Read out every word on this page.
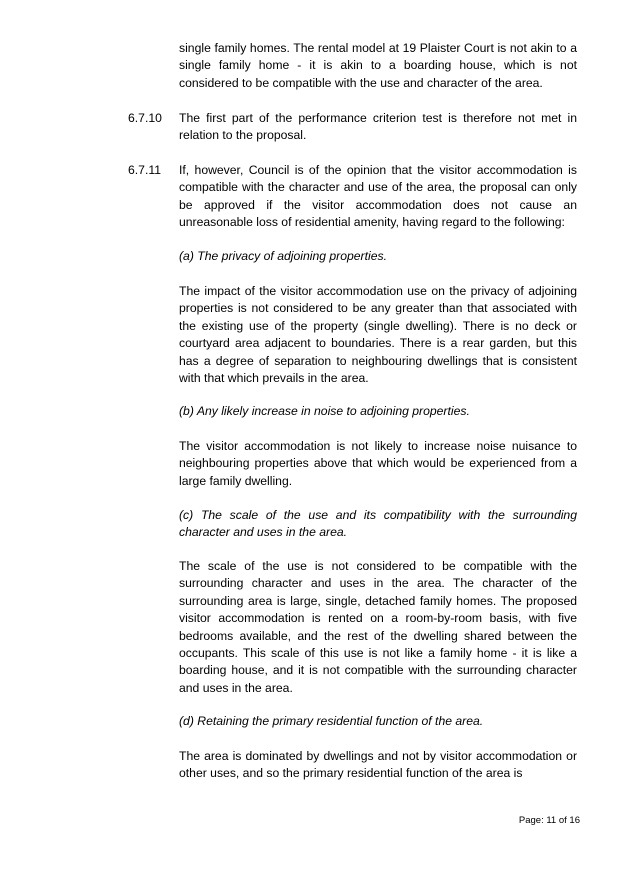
single family homes. The rental model at 19 Plaister Court is not akin to a single family home - it is akin to a boarding house, which is not considered to be compatible with the use and character of the area.

6.7.10 The first part of the performance criterion test is therefore not met in relation to the proposal.

6.7.11 If, however, Council is of the opinion that the visitor accommodation is compatible with the character and use of the area, the proposal can only be approved if the visitor accommodation does not cause an unreasonable loss of residential amenity, having regard to the following:

(a) The privacy of adjoining properties.

The impact of the visitor accommodation use on the privacy of adjoining properties is not considered to be any greater than that associated with the existing use of the property (single dwelling). There is no deck or courtyard area adjacent to boundaries. There is a rear garden, but this has a degree of separation to neighbouring dwellings that is consistent with that which prevails in the area.

(b) Any likely increase in noise to adjoining properties.

The visitor accommodation is not likely to increase noise nuisance to neighbouring properties above that which would be experienced from a large family dwelling.

(c) The scale of the use and its compatibility with the surrounding character and uses in the area.

The scale of the use is not considered to be compatible with the surrounding character and uses in the area. The character of the surrounding area is large, single, detached family homes. The proposed visitor accommodation is rented on a room-by-room basis, with five bedrooms available, and the rest of the dwelling shared between the occupants. This scale of this use is not like a family home - it is like a boarding house, and it is not compatible with the surrounding character and uses in the area.

(d) Retaining the primary residential function of the area.

The area is dominated by dwellings and not by visitor accommodation or other uses, and so the primary residential function of the area is

Page: 11 of 16
